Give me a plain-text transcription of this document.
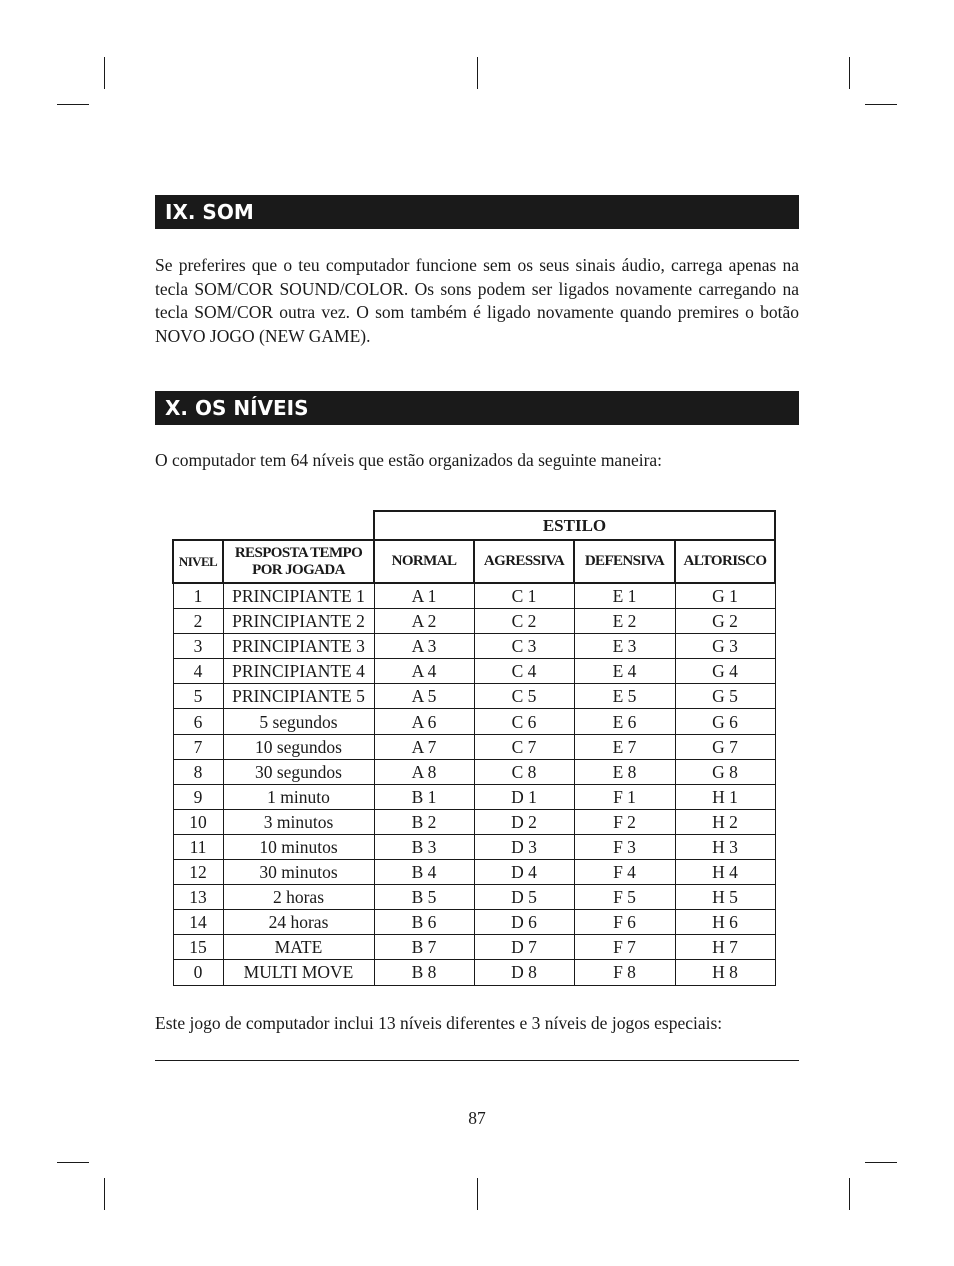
IX. SOM

Se preferires que o teu computador funcione sem os seus sinais áudio, carrega apenas na tecla SOM/COR SOUND/COLOR. Os sons podem ser ligados novamente carregando na tecla SOM/COR outra vez. O som também é ligado novamente quando premires o botão NOVO JOGO (NEW GAME).

X. OS NÍVEIS

O computador tem 64 níveis que estão organizados da seguinte maneira:

		ESTILO			
NIVEL	RESPOSTA TEMPO POR JOGADA	NORMAL	AGRESSIVA	DEFENSIVA	ALTORISCO
1	PRINCIPIANTE 1	A 1	C 1	E 1	G 1
2	PRINCIPIANTE 2	A 2	C 2	E 2	G 2
3	PRINCIPIANTE 3	A 3	C 3	E 3	G 3
4	PRINCIPIANTE 4	A 4	C 4	E 4	G 4
5	PRINCIPIANTE 5	A 5	C 5	E 5	G 5
6	5 segundos	A 6	C 6	E 6	G 6
7	10 segundos	A 7	C 7	E 7	G 7
8	30 segundos	A 8	C 8	E 8	G 8
9	1 minuto	B 1	D 1	F 1	H 1
10	3 minutos	B 2	D 2	F 2	H 2
11	10 minutos	B 3	D 3	F 3	H 3
12	30 minutos	B 4	D 4	F 4	H 4
13	2 horas	B 5	D 5	F 5	H 5
14	24 horas	B 6	D 6	F 6	H 6
15	MATE	B 7	D 7	F 7	H 7
0	MULTI MOVE	B 8	D 8	F 8	H 8

Este jogo de computador inclui 13 níveis diferentes e 3 níveis de jogos especiais:

87
